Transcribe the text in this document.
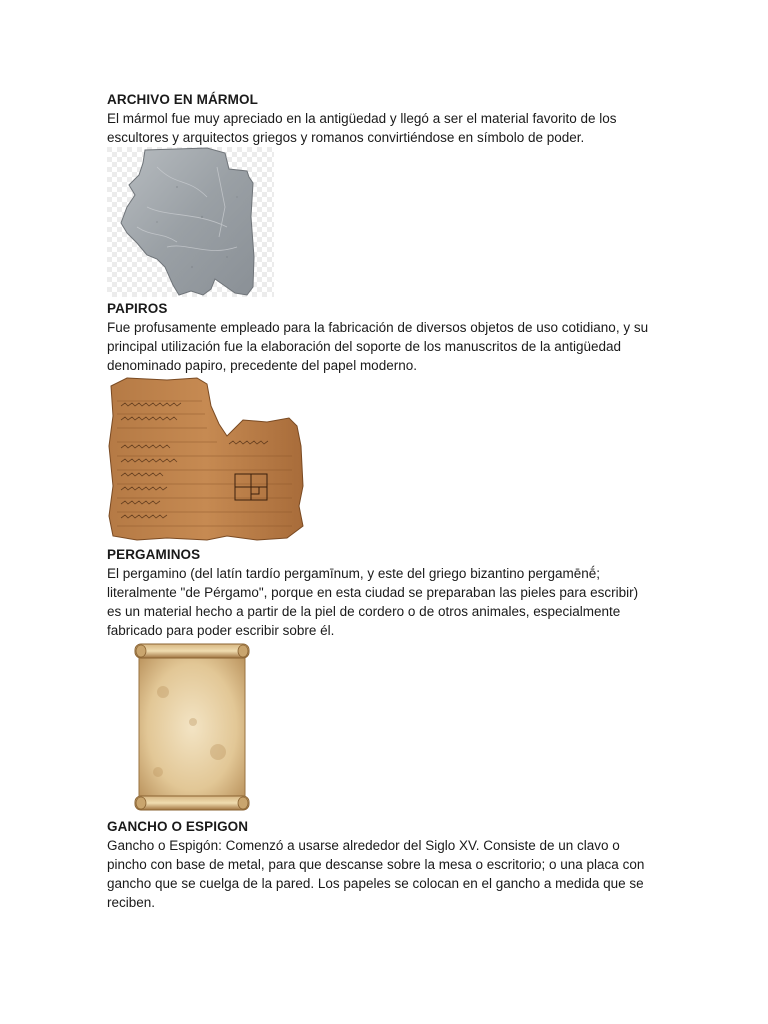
ARCHIVO EN MÁRMOL

El mármol fue muy apreciado en la antigüedad y llegó a ser el material favorito de los
escultores y arquitectos griegos y romanos convirtiéndose en símbolo de poder.

PAPIROS

Fue profusamente empleado para la fabricación de diversos objetos de uso cotidiano, y su
principal utilización fue la elaboración del soporte de los manuscritos de la antigüedad
denominado papiro, precedente del papel moderno.

PERGAMINOS

El pergamino (del latín tardío pergamīnum, y este del griego bizantino pergamēnḗ;
literalmente "de Pérgamo", porque en esta ciudad se preparaban las pieles para escribir)
es un material hecho a partir de la piel de cordero o de otros animales, especialmente
fabricado para poder escribir sobre él.

GANCHO O ESPIGON

Gancho o Espigón: Comenzó a usarse alrededor del Siglo XV. Consiste de un clavo o
pincho con base de metal, para que descanse sobre la mesa o escritorio; o una placa con
gancho que se cuelga de la pared. Los papeles se colocan en el gancho a medida que se
reciben.
